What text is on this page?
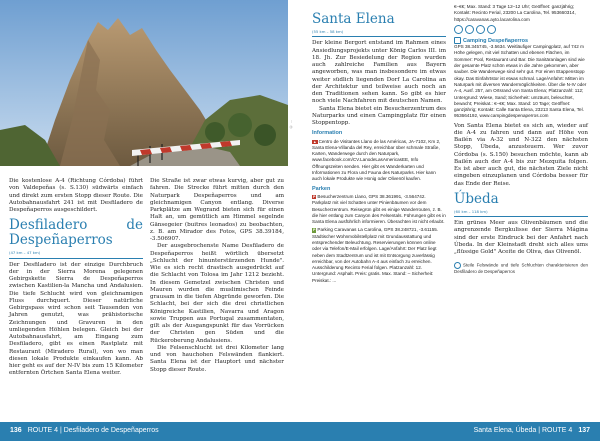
© ...

Die kostenlose A-4 (Richtung Córdoba) führt von Valdepeñas (s. S.130) südwärts einfach und direkt zum ersten Stopp dieser Route. Die Autobahnausfahrt 241 ist mit Desfiladero de Despeñaperros ausgeschildert.

Desfiladero de Despeñaperros
(47 km – 47 km)

Der Desfiladero ist der einzige Durchbruch der in der Sierra Morena gelegenen Gebirgskette Sierra de Despeñaperros zwischen Kastilien-la Mancha und Andalusien. Die tiefe Schlucht wird von gleichnamigen Fluss durchquert. Dieser natürliche Gebirgspass wird schon seit Tausenden von Jahren genutzt, was prähistorische Zeichnungen und Gravuren in den umliegenden Höhlen belegen. Gleich bei der Autobahnausfahrt, am Eingang zum Desfiladero, gibt es einen Rastplatz mit Restaurant (Miradero Rural), von wo man diesen lokale Produkte einkaufen kann. Ab hier geht es auf der N-IV bis zum 15 Kilometer entfernten Örtchen Santa Elena weiter.

Die Straße ist zwar etwas kurvig, aber gut zu fahren. Die Strecke führt mitten durch den Naturpark Despeñaperros und am gleichnamigen Canyon entlang. Diverse Parkplätze am Wegrand bieten sich für einen Halt an, um gemütlich am Himmel segelnde Gänsegeier (buitres leonados) zu beobachten, z. B. am Mirador des Fotos, GPS 38.39184, -3.506907.

Der ausgebrochenste Name Desfiladero de Despeñaperros heißt wörtlich übersetzt „Schlucht der hinunterstürzenden Hunde". Wie es sich recht drastisch ausgedrückt auf die Schlacht von Tolosa im Jahr 1212 bezieht. In diesem Gemetzel zwischen Christen und Mauren wurden die muslimischen Feinde grausam in die tiefen Abgründe geworfen. Die Schlacht, bei der sich die drei christlichen Königreiche Kastilien, Navarra und Aragon sowie Truppen aus Portugal zusammentaten, gilt als der Ausgangspunkt für das Vorrücken der Christen gen Süden und die Rückeroberung Andalusiens.

Die Felsenschlucht ist drei Kilometer lang und von hauchohen Felswänden flankiert. Santa Elena ist der Hauptort und nächster Stopp dieser Route.

Santa Elena
(55 km – 58 km)

Der kleine Bergort entstand im Rahmen eines Ansiedlungsprojekts unter König Carlos III. im 18. Jh. Zur Besiedelung der Region wurden auch zahlreiche Familien aus Bayern angeworben, was man insbesondere im etwas weiter südlich liegenden Dorf La Carolina an der Architektur und teilweise auch noch an den Traditionen sehen kann. So gibt es hier noch viele Nachfahren mit deutschen Namen.

Santa Elena bietet ein Besucherzentrum des Naturparks und einen Campingplatz für einen Stoppentopp.

Information
▲ Centro de Visitantes Llano de las Américas, JA-7102, Km 2, Santa Elena-Villanda del Rey, erreichbar über schmale Straße, Karten, Wanderwege durch den Naturpark, www.facebook.com/CV.LanodeLasAmericasEE, Info Öffnungszeiten senden. Hier gibt es Wanderkarten und Informationen zu Flora und Fauna des Naturparks. Hier kann auch lokale Produkte wie Honig oder Olivenöl kaufen.
Parken
P Besucherzentrum Llano, GPS 38.361991, -3.564742. Parkplatz mit viel Schatten unter Pinienbäumen vor dem Besucherzentrum. Reisegrün gibt es einige Wanderrouten, z. B. die hier entlang zum Canyon des Felsentals. Führungen gibt es in Santa Elena ausführlich informieren. Überachten ist nicht erlaubt.
P Parking Caravanas La Carolina, GPS 38.248721, -3.61155. Städtischer Wohnmobilstellplatz mit Grundausstattung und entsprechender Beleuchtung. Reservierungen können online oder via Telefon/E-Mail erfolgen. Lage/Anfahrt: Der Platz liegt neben dem Stadtzentrum und ist mit Entsorgung zuverlässig erreichbar, von der Autobahn A-4 aus einfach zu erreichen. Ausschilderung Recinto Ferial folgen. Platzanzahl: 12. Untergrund: Asphalt. Preis: gratis. Max. Stand: – Sicherheit: Preiskat.: ...
€–€€; Max. Stand: 3 Tage 12–12 Uhr; Geöffnet: ganzjährig; Kontakt: Recinto Ferial, 23200 La Carolina, Tel. 953660314, https://caravanas.ayto.lacarolina.com
Camping Despeñaperros
GPS 38.345745, -3.5634. Weitläufiger Campingplatz, auf 742 m Höhe gelegen, mit viel Schatten und ebenen Flächen, im Sommer: Pool, Restaurant und Bar. Die Sanitäranlagen sind wie der gesamte Platz schön etwas in die Jahre gekommen, aber sauber. Die Wanderwege sind sehr gut. Für einen Etappenstopp okay. Das Einfahrtstor ist etwas schmal. Lage/Anfahrt: Mitten im Naturpark mit diversen Wandermöglichkeiten. Über die N-IV oder A-4, Ausf. 257, am Ortsrand von Santa Elena; Platzanzahl: 112; Untergrund: Wiese, Sand; Sicherheit: umzäunt, beleuchtet, bewacht; Preiskat.: €–€€; Max. Stand: 10 Tage; Geöffnet: ganzjährig; Kontakt: Calle Santa Elena, 23213 Santa Elena, Tel. 953664192, www.campingdespenaperros.com

Von Santa Elena bietet es sich an, wieder auf die A-4 zu fahren und dann auf Höhe von Bailén via A-32 und N-322 den nächsten Stopp, Úbeda, anzusteuern. Wer zuvor Córdoba (s. S.150) besuchen möchte, kann ab Bailén auch der A-4 bis zur Mezquita folgen. Es ist aber auch gut, die nächsten Ziele nicht eingeben einzuplanen und Córdoba besser für das Ende der Reise.

Úbeda
(60 km – 118 km)

Ein grünes Meer aus Olivenbäumen und die angrenzende Bergkulisse der Sierra Mágina sind der erste Eindruck bei der Anfahrt nach Úbeda. In der Kleinstadt dreht sich alles ums „flüssige Gold" Aceite de Oliva, das Olivenöl.

Steile Felswände und tiefe Schluchten charakterisieren den Desfiladero de Despeñaperros
136 ROUTE 4 | Desfiladero de Despeñaperros	Santa Elena, Úbeda | ROUTE 4 137
